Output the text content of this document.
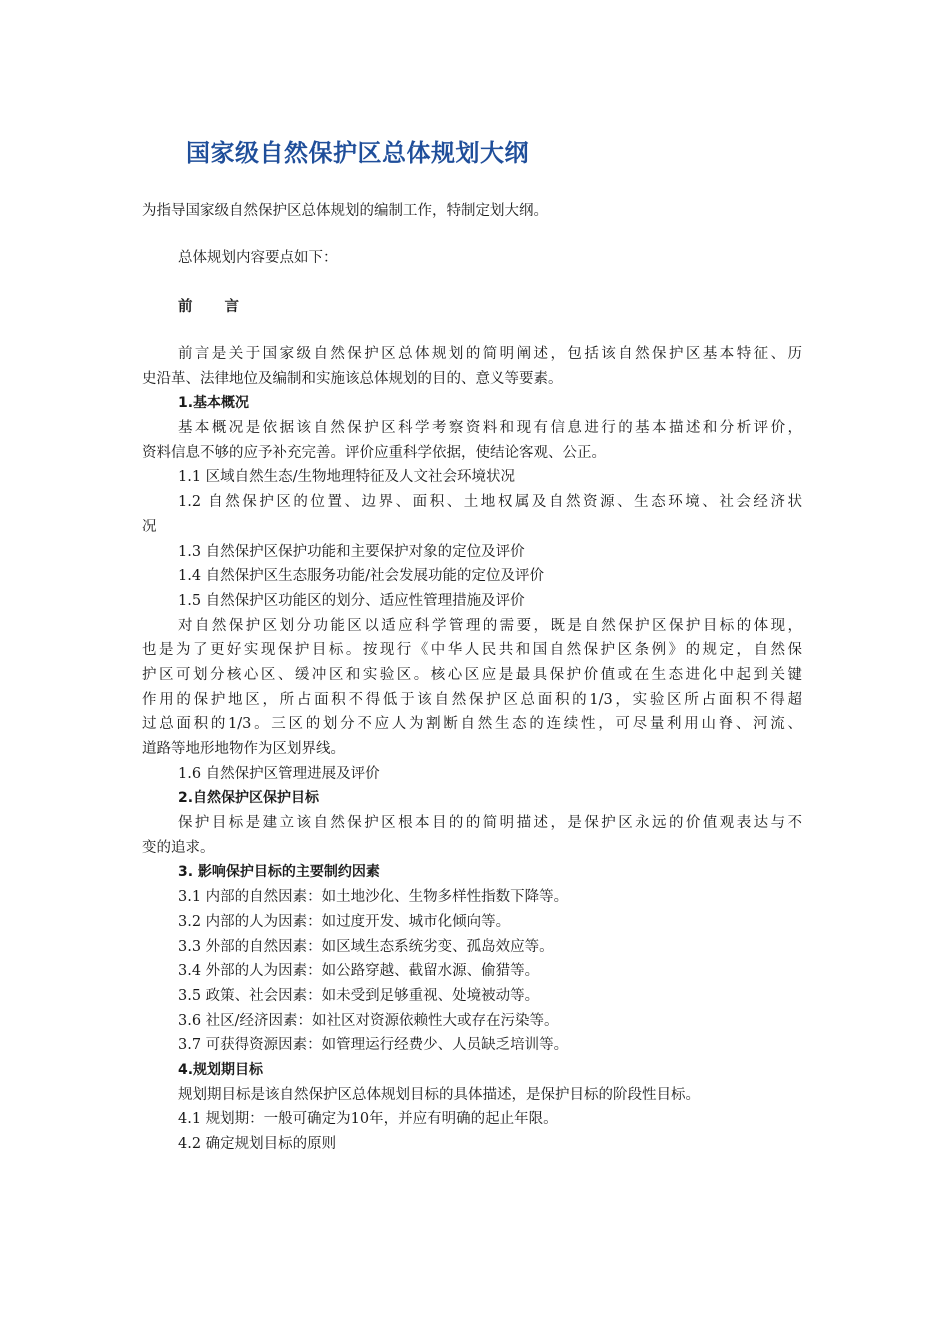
国家级自然保护区总体规划大纲
为指导国家级自然保护区总体规划的编制工作，特制定划大纲。
总体规划内容要点如下：
前 言
前言是关于国家级自然保护区总体规划的简明阐述，包括该自然保护区基本特征、历
史沿革、法律地位及编制和实施该总体规划的目的、意义等要素。
1.基本概况
基本概况是依据该自然保护区科学考察资料和现有信息进行的基本描述和分析评价，
资料信息不够的应予补充完善。评价应重科学依据，使结论客观、公正。
1.1 区域自然生态/生物地理特征及人文社会环境状况
1.2 自然保护区的位置、边界、面积、土地权属及自然资源、生态环境、社会经济状
况
1.3 自然保护区保护功能和主要保护对象的定位及评价
1.4 自然保护区生态服务功能/社会发展功能的定位及评价
1.5 自然保护区功能区的划分、适应性管理措施及评价
对自然保护区划分功能区以适应科学管理的需要，既是自然保护区保护目标的体现，
也是为了更好实现保护目标。按现行《中华人民共和国自然保护区条例》的规定，自然保
护区可划分核心区、缓冲区和实验区。核心区应是最具保护价值或在生态进化中起到关键
作用的保护地区，所占面积不得低于该自然保护区总面积的1/3，实验区所占面积不得超
过总面积的1/3。三区的划分不应人为割断自然生态的连续性，可尽量利用山脊、河流、
道路等地形地物作为区划界线。
1.6 自然保护区管理进展及评价
2.自然保护区保护目标
保护目标是建立该自然保护区根本目的的简明描述，是保护区永远的价值观表达与不
变的追求。
3. 影响保护目标的主要制约因素
3.1 内部的自然因素：如土地沙化、生物多样性指数下降等。
3.2 内部的人为因素：如过度开发、城市化倾向等。
3.3 外部的自然因素：如区域生态系统劣变、孤岛效应等。
3.4 外部的人为因素：如公路穿越、截留水源、偷猎等。
3.5 政策、社会因素：如未受到足够重视、处境被动等。
3.6 社区/经济因素：如社区对资源依赖性大或存在污染等。
3.7 可获得资源因素：如管理运行经费少、人员缺乏培训等。
4.规划期目标
规划期目标是该自然保护区总体规划目标的具体描述，是保护目标的阶段性目标。
4.1 规划期：一般可确定为10年，并应有明确的起止年限。
4.2 确定规划目标的原则
